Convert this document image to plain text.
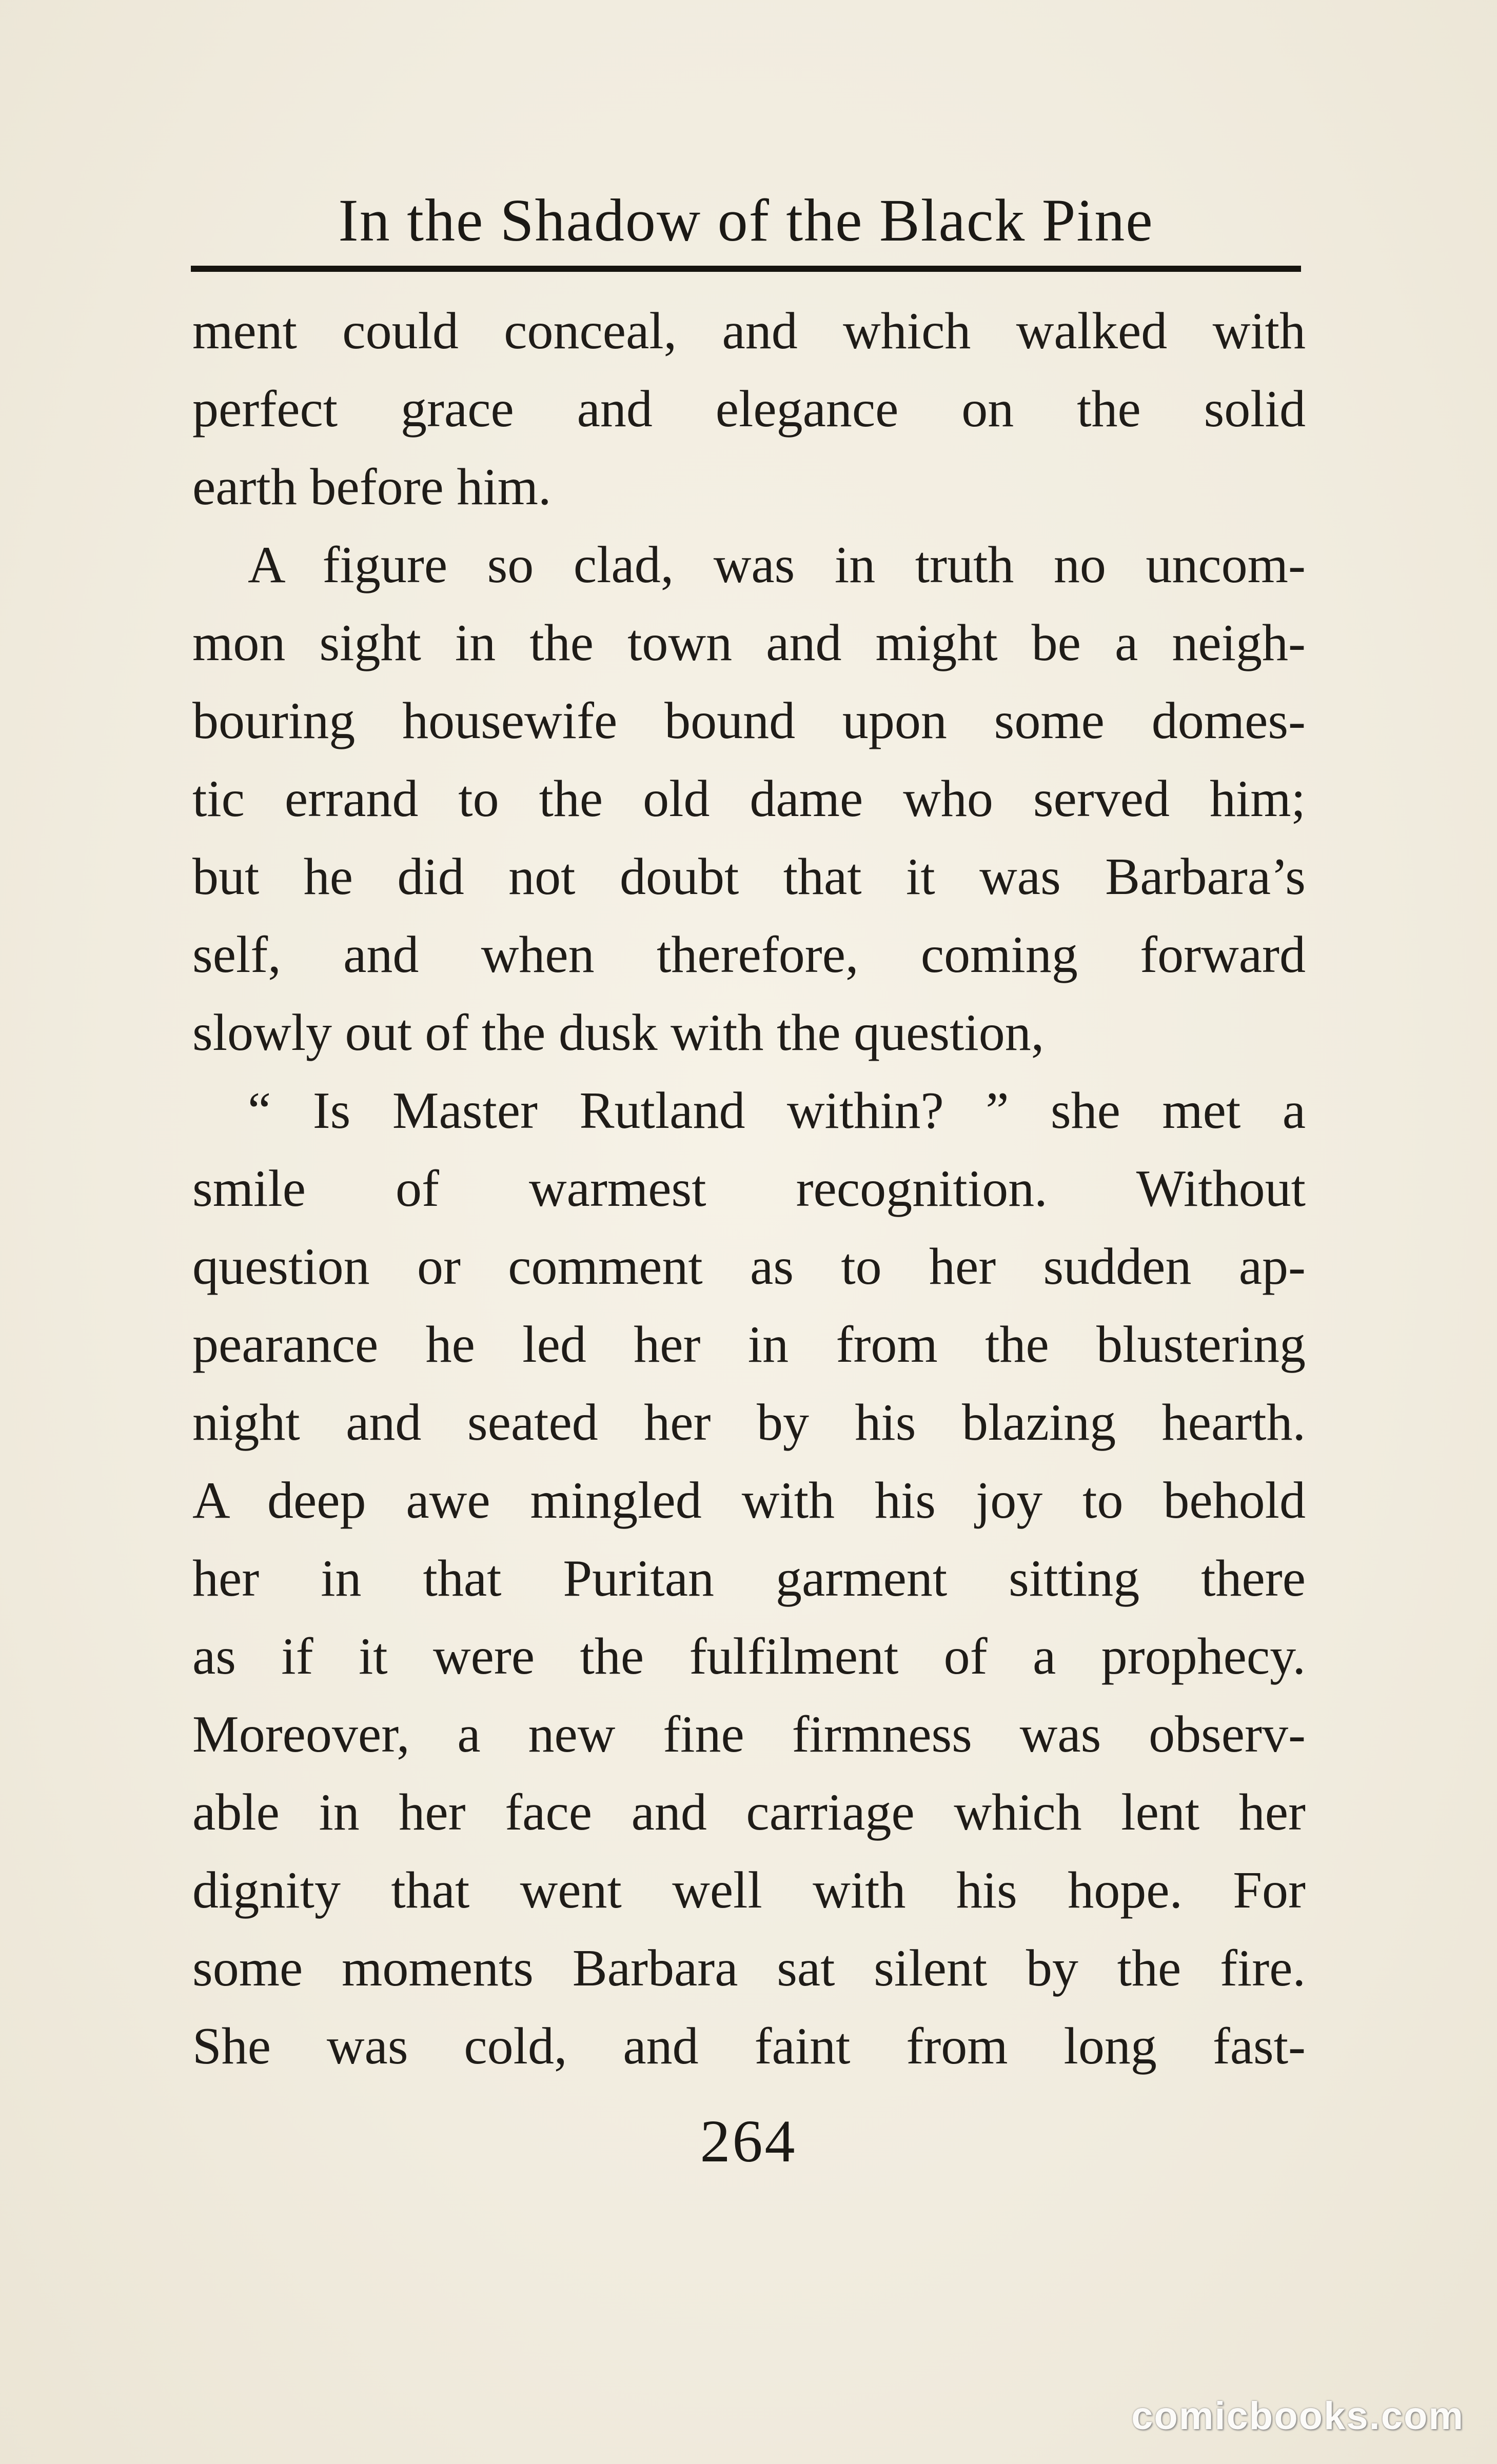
In the Shadow of the Black Pine
ment could conceal, and which walked with
perfect grace and elegance on the solid
earth before him.
A figure so clad, was in truth no uncom-
mon sight in the town and might be a neigh-
bouring housewife bound upon some domes-
tic errand to the old dame who served him;
but he did not doubt that it was Barbara’s
self, and when therefore, coming forward
slowly out of the dusk with the question,
“ Is Master Rutland within? ” she met a
smile of warmest recognition. Without
question or comment as to her sudden ap-
pearance he led her in from the blustering
night and seated her by his blazing hearth.
A deep awe mingled with his joy to behold
her in that Puritan garment sitting there
as if it were the fulfilment of a prophecy.
Moreover, a new fine firmness was observ-
able in her face and carriage which lent her
dignity that went well with his hope. For
some moments Barbara sat silent by the fire.
She was cold, and faint from long fast-
264
comicbooks.com
